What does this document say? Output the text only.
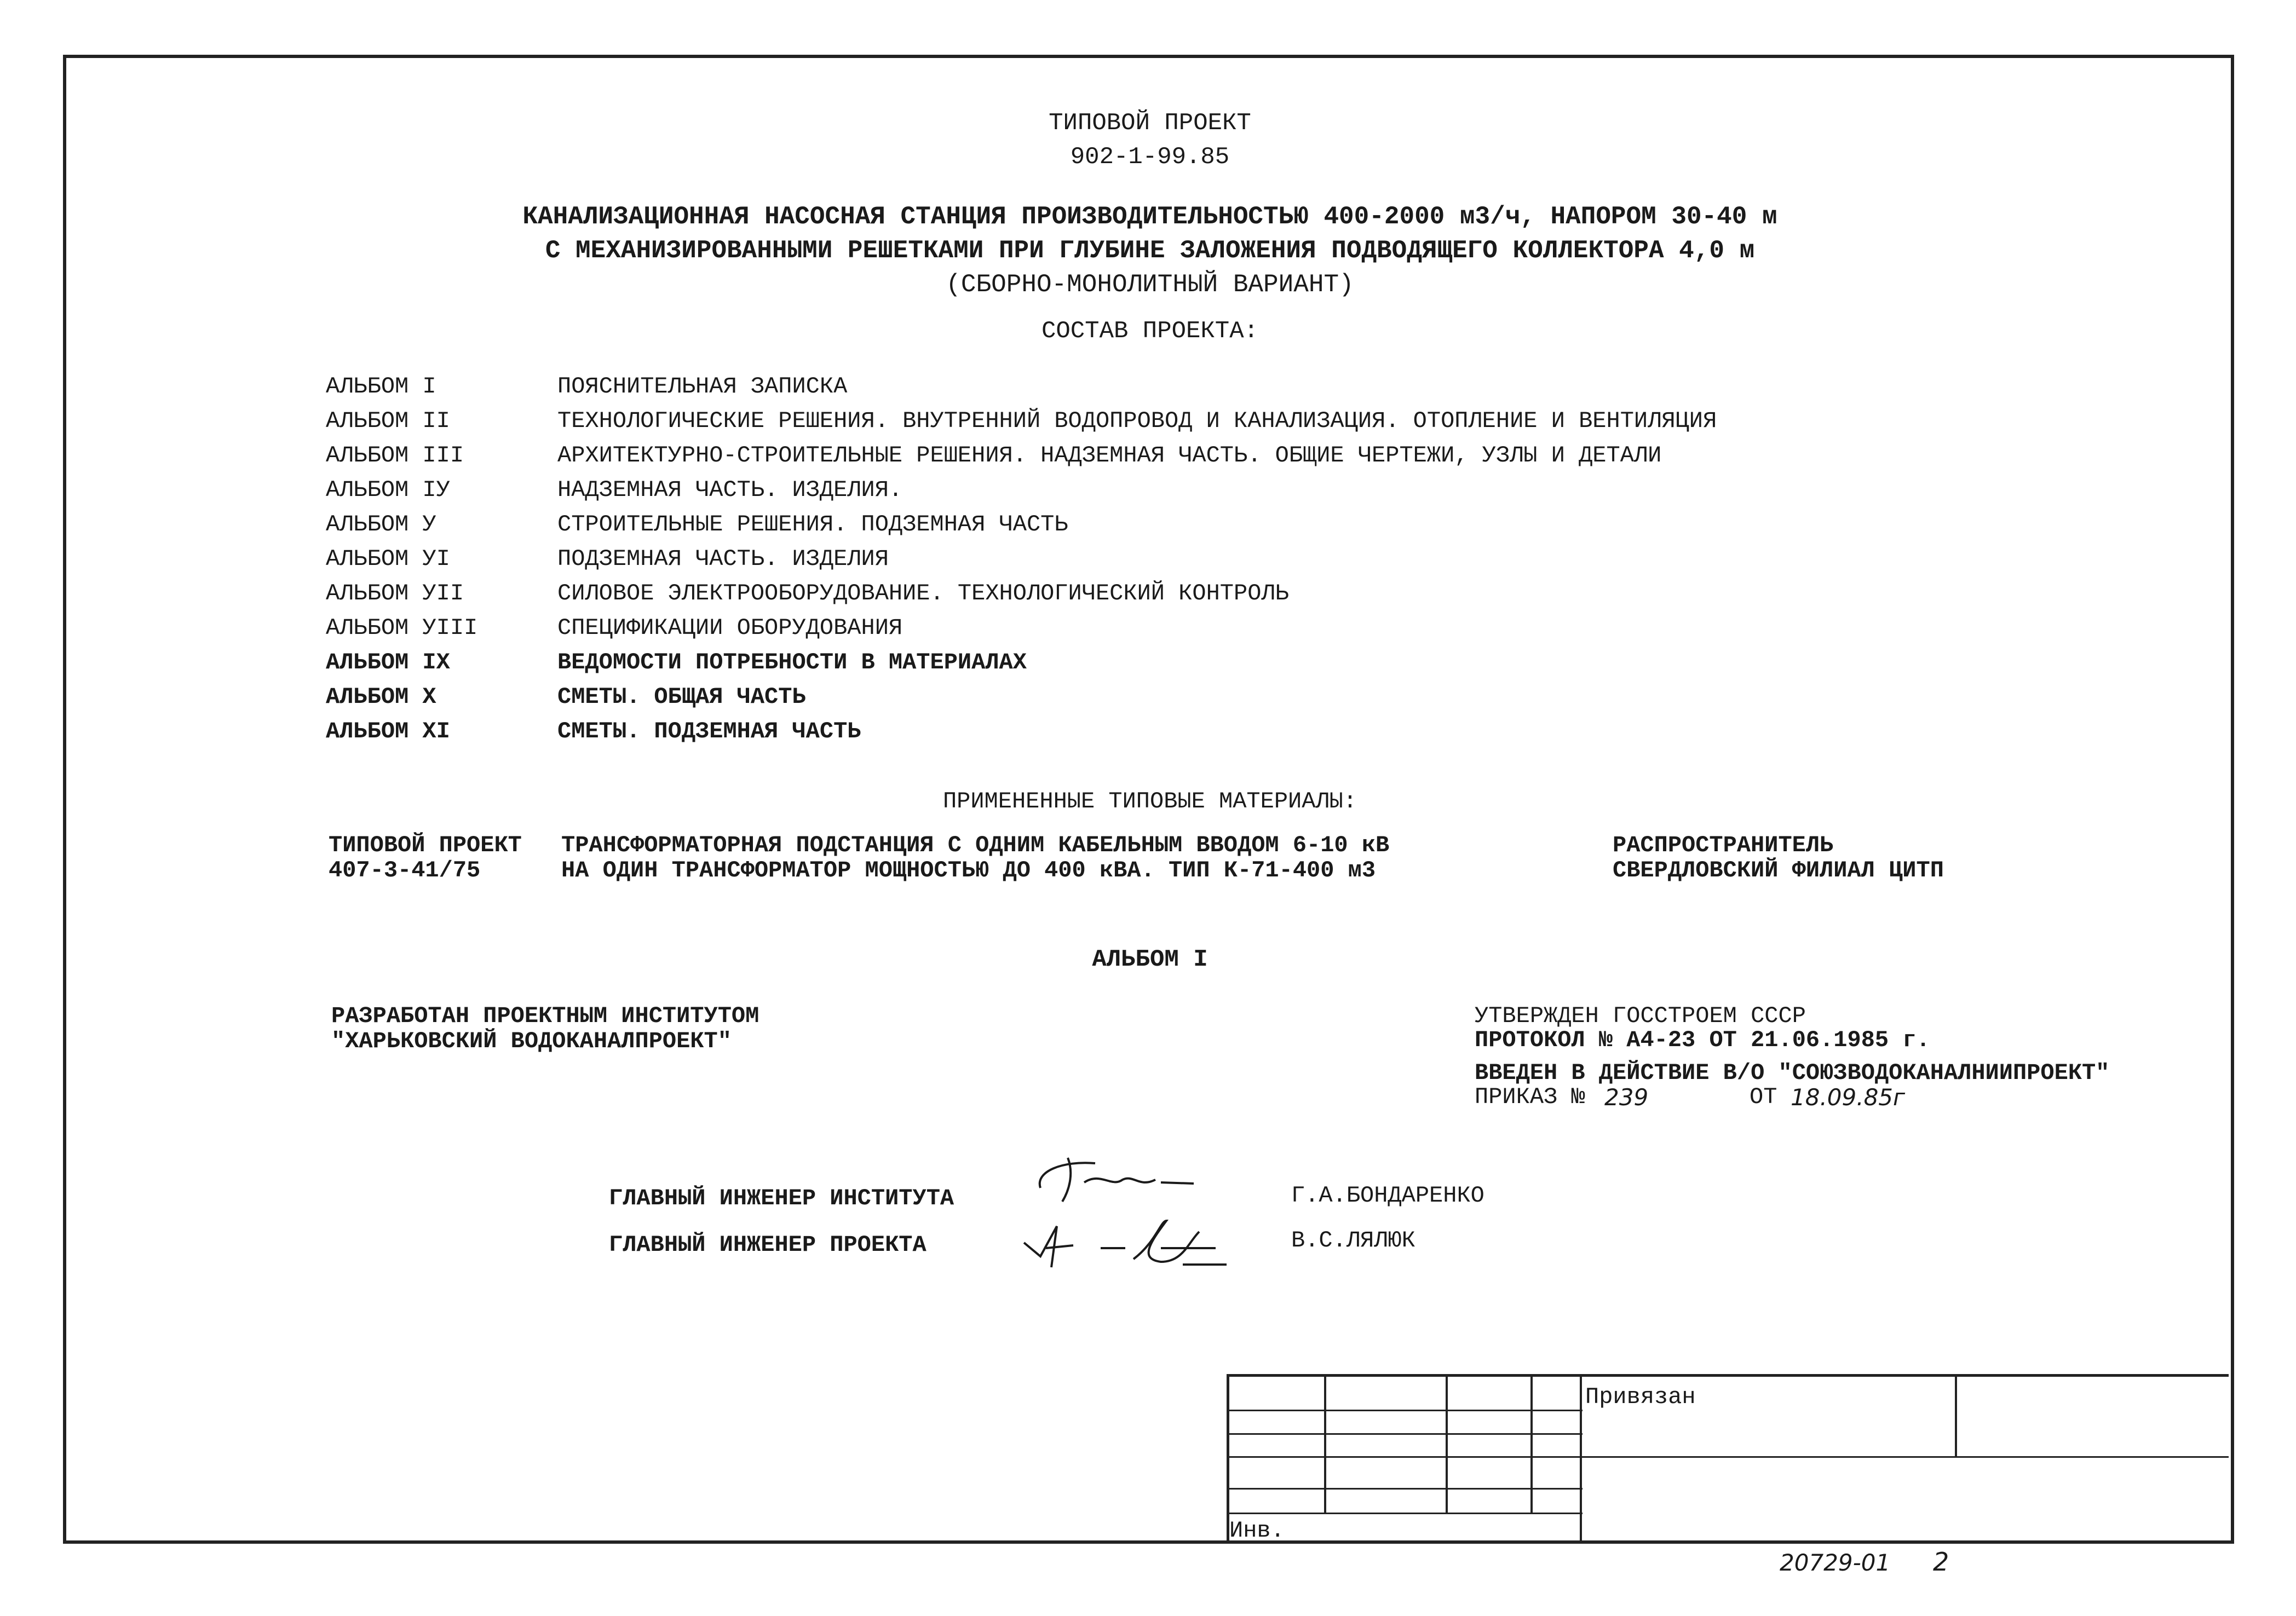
ТИПОВОЙ ПРОЕКТ
902-1-99.85
КАНАЛИЗАЦИОННАЯ НАСОСНАЯ СТАНЦИЯ ПРОИЗВОДИТЕЛЬНОСТЬЮ 400-2000 м3/ч, НАПОРОМ 30-40 м
С МЕХАНИЗИРОВАННЫМИ РЕШЕТКАМИ ПРИ ГЛУБИНЕ ЗАЛОЖЕНИЯ ПОДВОДЯЩЕГО КОЛЛЕКТОРА 4,0 м
(СБОРНО-МОНОЛИТНЫЙ ВАРИАНТ)
СОСТАВ ПРОЕКТА:
АЛЬБОМ I	ПОЯСНИТЕЛЬНАЯ ЗАПИСКА
АЛЬБОМ II	ТЕХНОЛОГИЧЕСКИЕ РЕШЕНИЯ. ВНУТРЕННИЙ ВОДОПРОВОД И КАНАЛИЗАЦИЯ. ОТОПЛЕНИЕ И ВЕНТИЛЯЦИЯ
АЛЬБОМ III	АРХИТЕКТУРНО-СТРОИТЕЛЬНЫЕ РЕШЕНИЯ. НАДЗЕМНАЯ ЧАСТЬ. ОБЩИЕ ЧЕРТЕЖИ, УЗЛЫ И ДЕТАЛИ
АЛЬБОМ IУ	НАДЗЕМНАЯ ЧАСТЬ. ИЗДЕЛИЯ.
АЛЬБОМ У	СТРОИТЕЛЬНЫЕ РЕШЕНИЯ. ПОДЗЕМНАЯ ЧАСТЬ
АЛЬБОМ УI	ПОДЗЕМНАЯ ЧАСТЬ. ИЗДЕЛИЯ
АЛЬБОМ УII	СИЛОВОЕ ЭЛЕКТРООБОРУДОВАНИЕ. ТЕХНОЛОГИЧЕСКИЙ КОНТРОЛЬ
АЛЬБОМ УIII	СПЕЦИФИКАЦИИ ОБОРУДОВАНИЯ
АЛЬБОМ IX	ВЕДОМОСТИ ПОТРЕБНОСТИ В МАТЕРИАЛАХ
АЛЬБОМ X	СМЕТЫ. ОБЩАЯ ЧАСТЬ
АЛЬБОМ XI	СМЕТЫ. ПОДЗЕМНАЯ ЧАСТЬ
ПРИМЕНЕННЫЕ ТИПОВЫЕ МАТЕРИАЛЫ:
ТИПОВОЙ ПРОЕКТ
407-3-41/75
ТРАНСФОРМАТОРНАЯ ПОДСТАНЦИЯ С ОДНИМ КАБЕЛЬНЫМ ВВОДОМ 6-10 кВ
НА ОДИН ТРАНСФОРМАТОР МОЩНОСТЬЮ ДО 400 кВА. ТИП К-71-400 м3
РАСПРОСТРАНИТЕЛЬ
СВЕРДЛОВСКИЙ ФИЛИАЛ ЦИТП
АЛЬБОМ I
РАЗРАБОТАН ПРОЕКТНЫМ ИНСТИТУТОМ
"ХАРЬКОВСКИЙ ВОДОКАНАЛПРОЕКТ"
УТВЕРЖДЕН ГОССТРОЕМ СССР
ПРОТОКОЛ № А4-23 ОТ 21.06.1985 г.
ВВЕДЕН В ДЕЙСТВИЕ В/О "СОЮЗВОДОКАНАЛНИИПРОЕКТ"
ПРИКАЗ № 239	ОТ 18.09.85г
ГЛАВНЫЙ ИНЖЕНЕР ИНСТИТУТА	Г.А.БОНДАРЕНКО
ГЛАВНЫЙ ИНЖЕНЕР ПРОЕКТА	В.С.ЛЯЛЮК
Привязан
Инв.
20729-01 2
